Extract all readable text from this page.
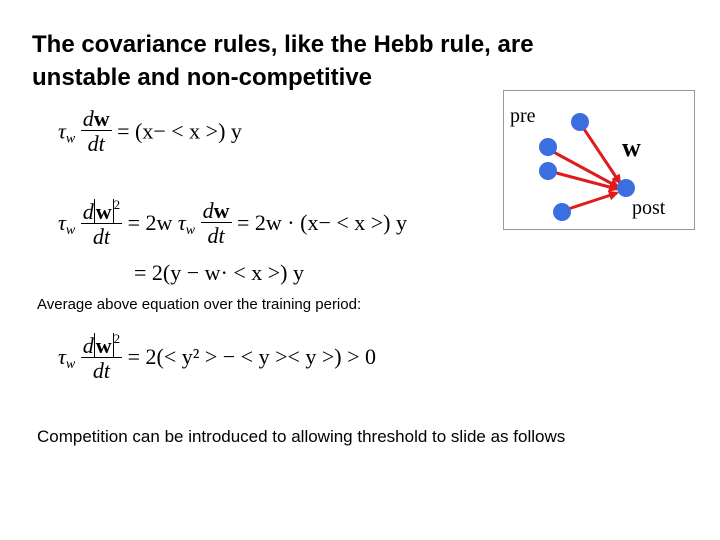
The covariance rules, like the Hebb rule, are
unstable and non-competitive
$\tau_w \frac{dw}{dt} = (x- < x$ >) y
$\tau_w \frac{dw ^2}{dt} = 2w$ $\tau_w \frac{dw}{dt} = 2w \cdot (x- < x$ >) y
= 2(y − w· < x >) y
Average above equation over the training period:
$\tau_w \frac{dw ^2}{dt} = 2(< y^2$ > − < y >< y >) > 0
Competition can be introduced to allowing threshold to slide as follows
pre
w
post
